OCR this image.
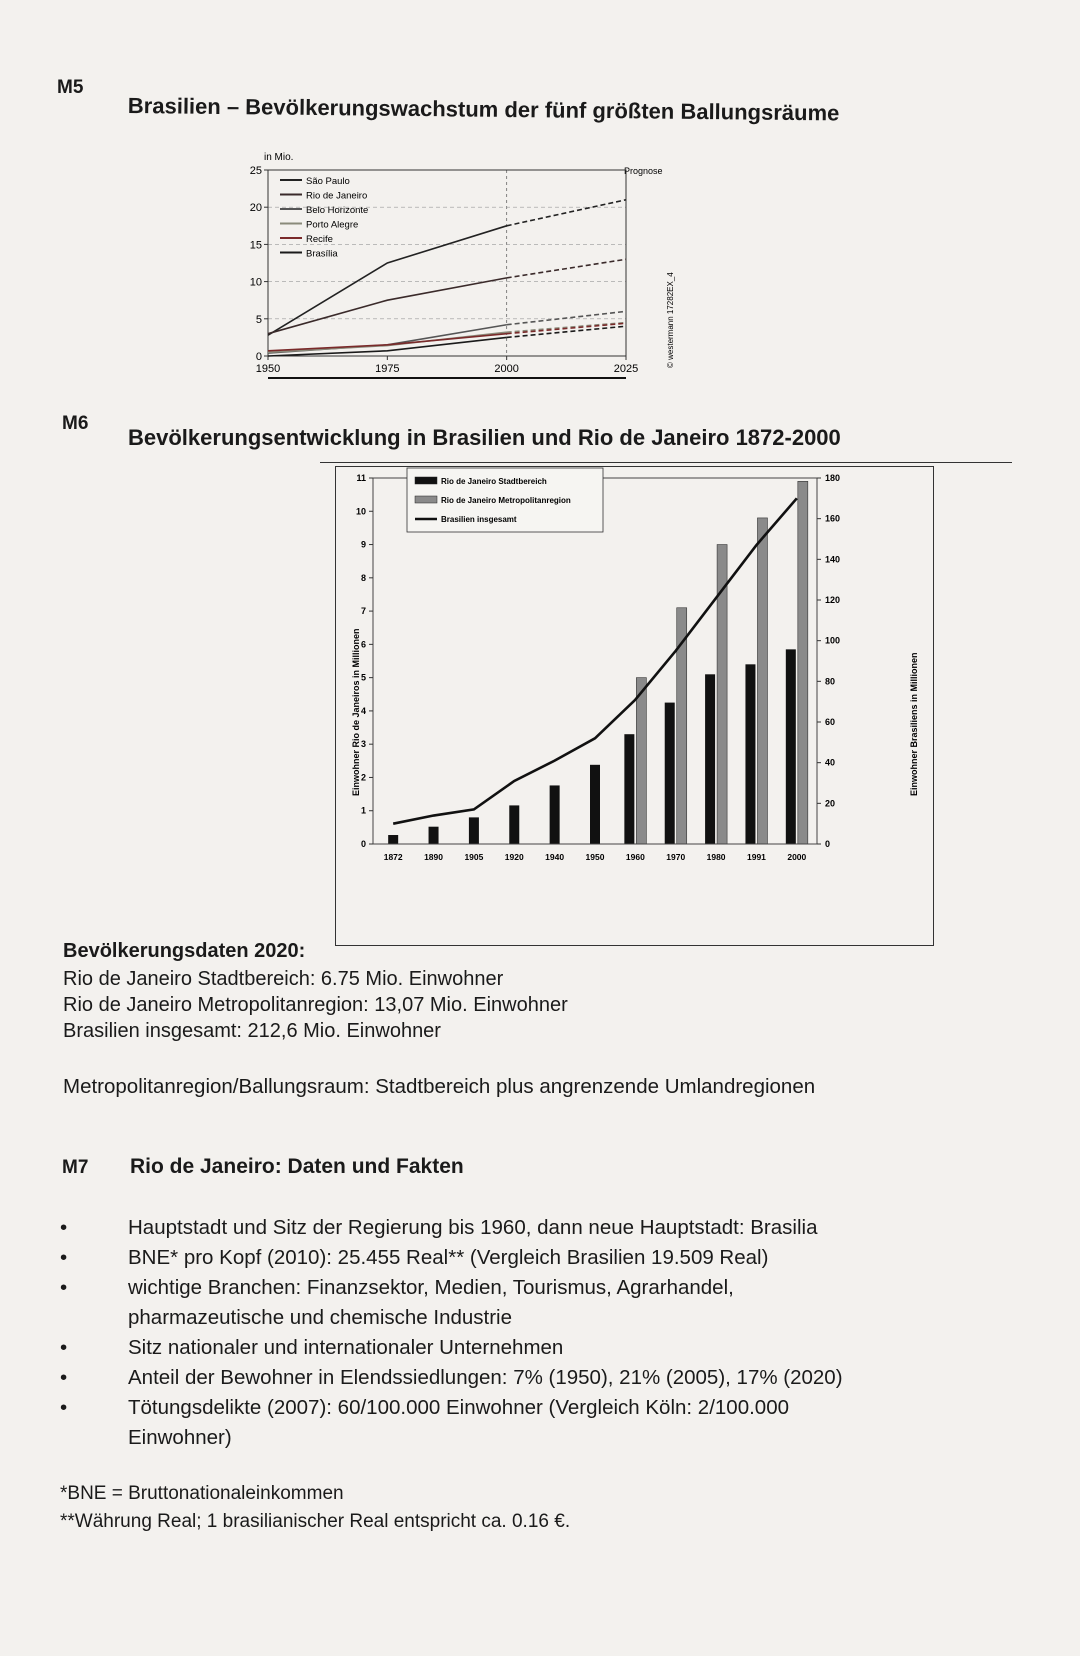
M5
Brasilien – Bevölkerungswachstum der fünf größten Ballungsräume
in Mio.
Prognose
© westermann 17282EX_4
0
5
10
15
20
25
1950	1975	2000	2025
São Paulo
Rio de Janeiro
Belo Horizonte
Porto Alegre
Recife
Brasília
M6
Bevölkerungsentwicklung in Brasilien und Rio de Janeiro 1872-2000
Einwohner Rio de Janeiros in Millionen	Einwohner Brasiliens in Millionen
0
1
2
3
4
5
6
7
8
9
10
11
0
20
40
60
80
100
120
140
160
180
1872	1890	1905	1920	1940	1950	1960	1970	1980	1991	2000
Rio de Janeiro Stadtbereich
Rio de Janeiro Metropolitanregion
Brasilien insgesamt
Bevölkerungsdaten 2020:
Rio de Janeiro Stadtbereich: 6.75 Mio. Einwohner
Rio de Janeiro Metropolitanregion: 13,07 Mio. Einwohner
Brasilien insgesamt: 212,6 Mio. Einwohner
Metropolitanregion/Ballungsraum: Stadtbereich plus angrenzende Umlandregionen
M7 Rio de Janeiro: Daten und Fakten
•	Hauptstadt und Sitz der Regierung bis 1960, dann neue Hauptstadt: Brasilia
•	BNE* pro Kopf (2010): 25.455 Real** (Vergleich Brasilien 19.509 Real)
•	wichtige Branchen: Finanzsektor, Medien, Tourismus, Agrarhandel, pharmazeutische und chemische Industrie
•	Sitz nationaler und internationaler Unternehmen
•	Anteil der Bewohner in Elendssiedlungen: 7% (1950), 21% (2005), 17% (2020)
•	Tötungsdelikte (2007): 60/100.000 Einwohner (Vergleich Köln: 2/100.000 Einwohner)
*BNE = Bruttonationaleinkommen
**Währung Real; 1 brasilianischer Real entspricht ca. 0.16 €.
